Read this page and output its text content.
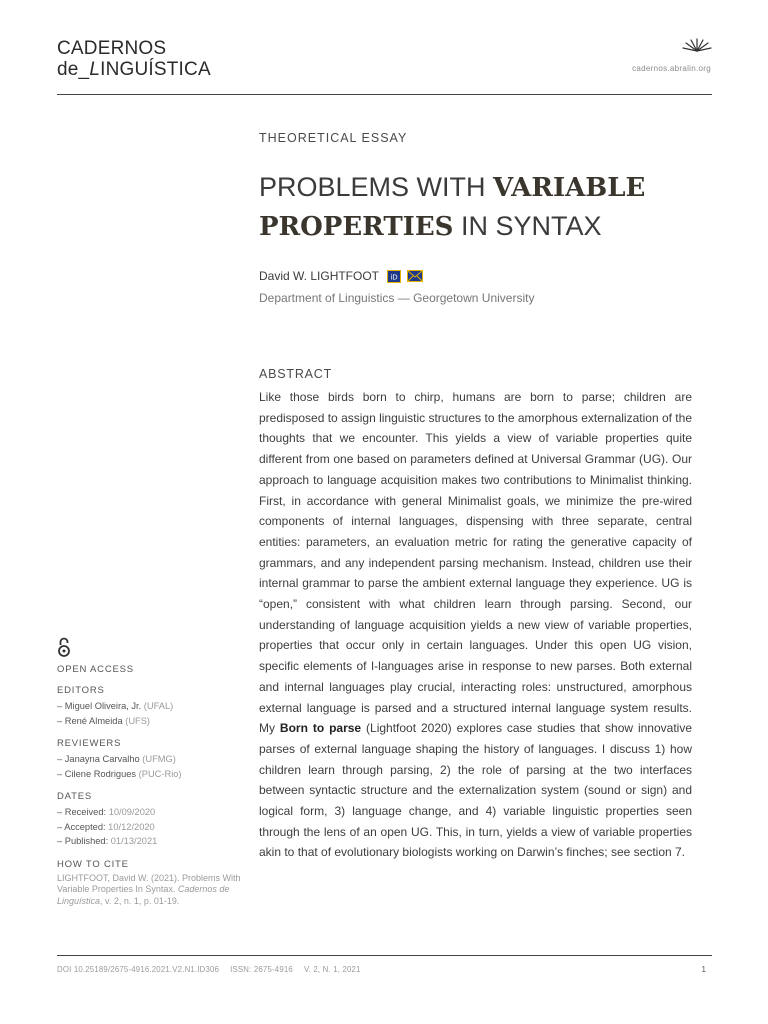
CADERNOS
de_LINGUÍSTICA	cadernos.abralin.org
THEORETICAL ESSAY
PROBLEMS WITH VARIABLE
PROPERTIES IN SYNTAX
David W. LIGHTFOOT iD
Department of Linguistics — Georgetown University
ABSTRACT
Like those birds born to chirp, humans are born to parse; children are predisposed to assign linguistic structures to the amorphous externalization of the thoughts that we encounter. This yields a view of variable properties quite different from one based on parameters defined at Universal Grammar (UG). Our approach to language acquisition makes two contributions to Minimalist thinking. First, in accordance with general Minimalist goals, we minimize the pre-wired components of internal languages, dispensing with three separate, central entities: parameters, an evaluation metric for rating the generative capacity of grammars, and any independent parsing mechanism. Instead, children use their internal grammar to parse the ambient external language they experience. UG is “open,” consistent with what children learn through parsing. Second, our understanding of language acquisition yields a new view of variable properties, properties that occur only in certain languages. Under this open UG vision, specific elements of I-languages arise in response to new parses. Both external and internal languages play crucial, interacting roles: unstructured, amorphous external language is parsed and a structured internal language system results. My Born to parse (Lightfoot 2020) explores case studies that show innovative parses of external language shaping the history of languages. I discuss 1) how children learn through parsing, 2) the role of parsing at the two interfaces between syntactic structure and the externalization system (sound or sign) and logical form, 3) language change, and 4) variable linguistic properties seen through the lens of an open UG. This, in turn, yields a view of variable properties akin to that of evolutionary biologists working on Darwin’s finches; see section 7.
OPEN ACCESS
EDITORS
– Miguel Oliveira, Jr. (UFAL)
– René Almeida (UFS)
REVIEWERS
– Janayna Carvalho (UFMG)
– Cilene Rodrigues (PUC-Rio)
DATES
– Received: 10/09/2020
– Accepted: 10/12/2020
– Published: 01/13/2021
HOW TO CITE
LIGHTFOOT, David W. (2021). Problems With Variable Properties In Syntax. Cadernos de Linguística, v. 2, n. 1, p. 01-19.
DOI 10.25189/2675-4916.2021.V2.N1.ID306 ISSN: 2675-4916 V. 2, N. 1, 2021	1
